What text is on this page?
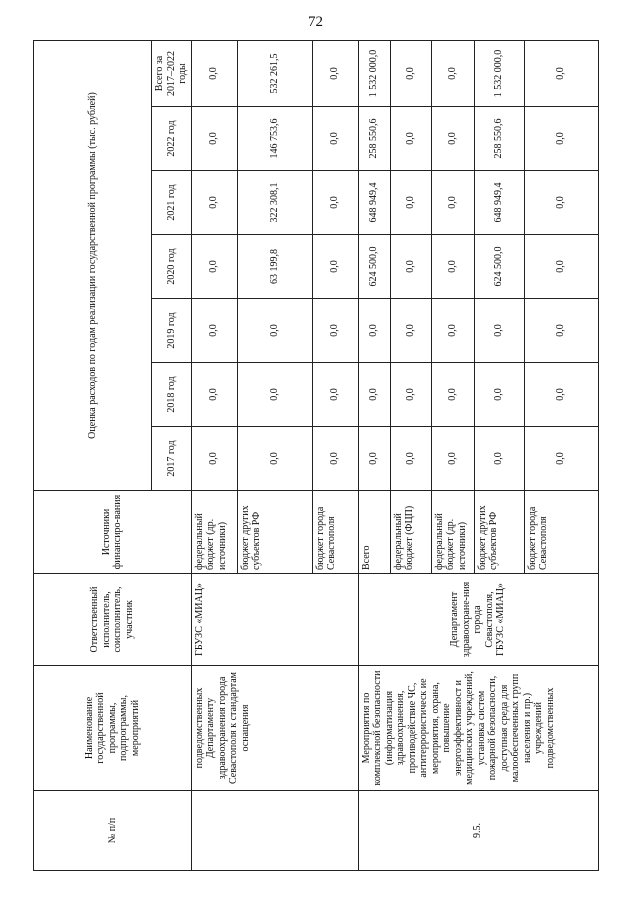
72
№ п/п	Наименование государственной программы, подпрограммы, мероприятий	Ответственный исполнитель, соисполнитель, участник	Источники финансиро-вания	Оценка расходов по годам реализации государственной программы (тыс. рублей)						
				2017 год	2018 год	2019 год	2020 год	2021 год	2022 год	Всего за 2017–2022 годы
	подведомственных Департаменту здравоохранения города Севастополя к стандартам оснащения	ГБУЗС «МИАЦ»	федеральный бюджет (др. источники)	0,0	0,0	0,0	0,0	0,0	0,0	0,0
			бюджет других субъектов РФ	0,0	0,0	0,0	63 199,8	322 308,1	146 753,6	532 261,5
			бюджет города Севастополя	0,0	0,0	0,0	0,0	0,0	0,0	0,0
9.5.	Мероприятия по комплексной безопасности (информатизация здравоохранения, противодействие ЧС, антитеррористическ ие мероприятия, охрана, повышение энергоэффективност и медицинских учреждений, установка систем пожарной безопасности, доступная среда для малообеспеченных групп населения и пр.) учреждений подведомственных	Департамент здравоохране-ния города Севастополя, ГБУЗС «МИАЦ»	Всего	0,0	0,0	0,0	624 500,0	648 949,4	258 550,6	1 532 000,0
			федеральный бюджет (ФЦП)	0,0	0,0	0,0	0,0	0,0	0,0	0,0
			федеральный бюджет (др. источники)	0,0	0,0	0,0	0,0	0,0	0,0	0,0
			бюджет других субъектов РФ	0,0	0,0	0,0	624 500,0	648 949,4	258 550,6	1 532 000,0
			бюджет города Севастополя	0,0	0,0	0,0	0,0	0,0	0,0	0,0
